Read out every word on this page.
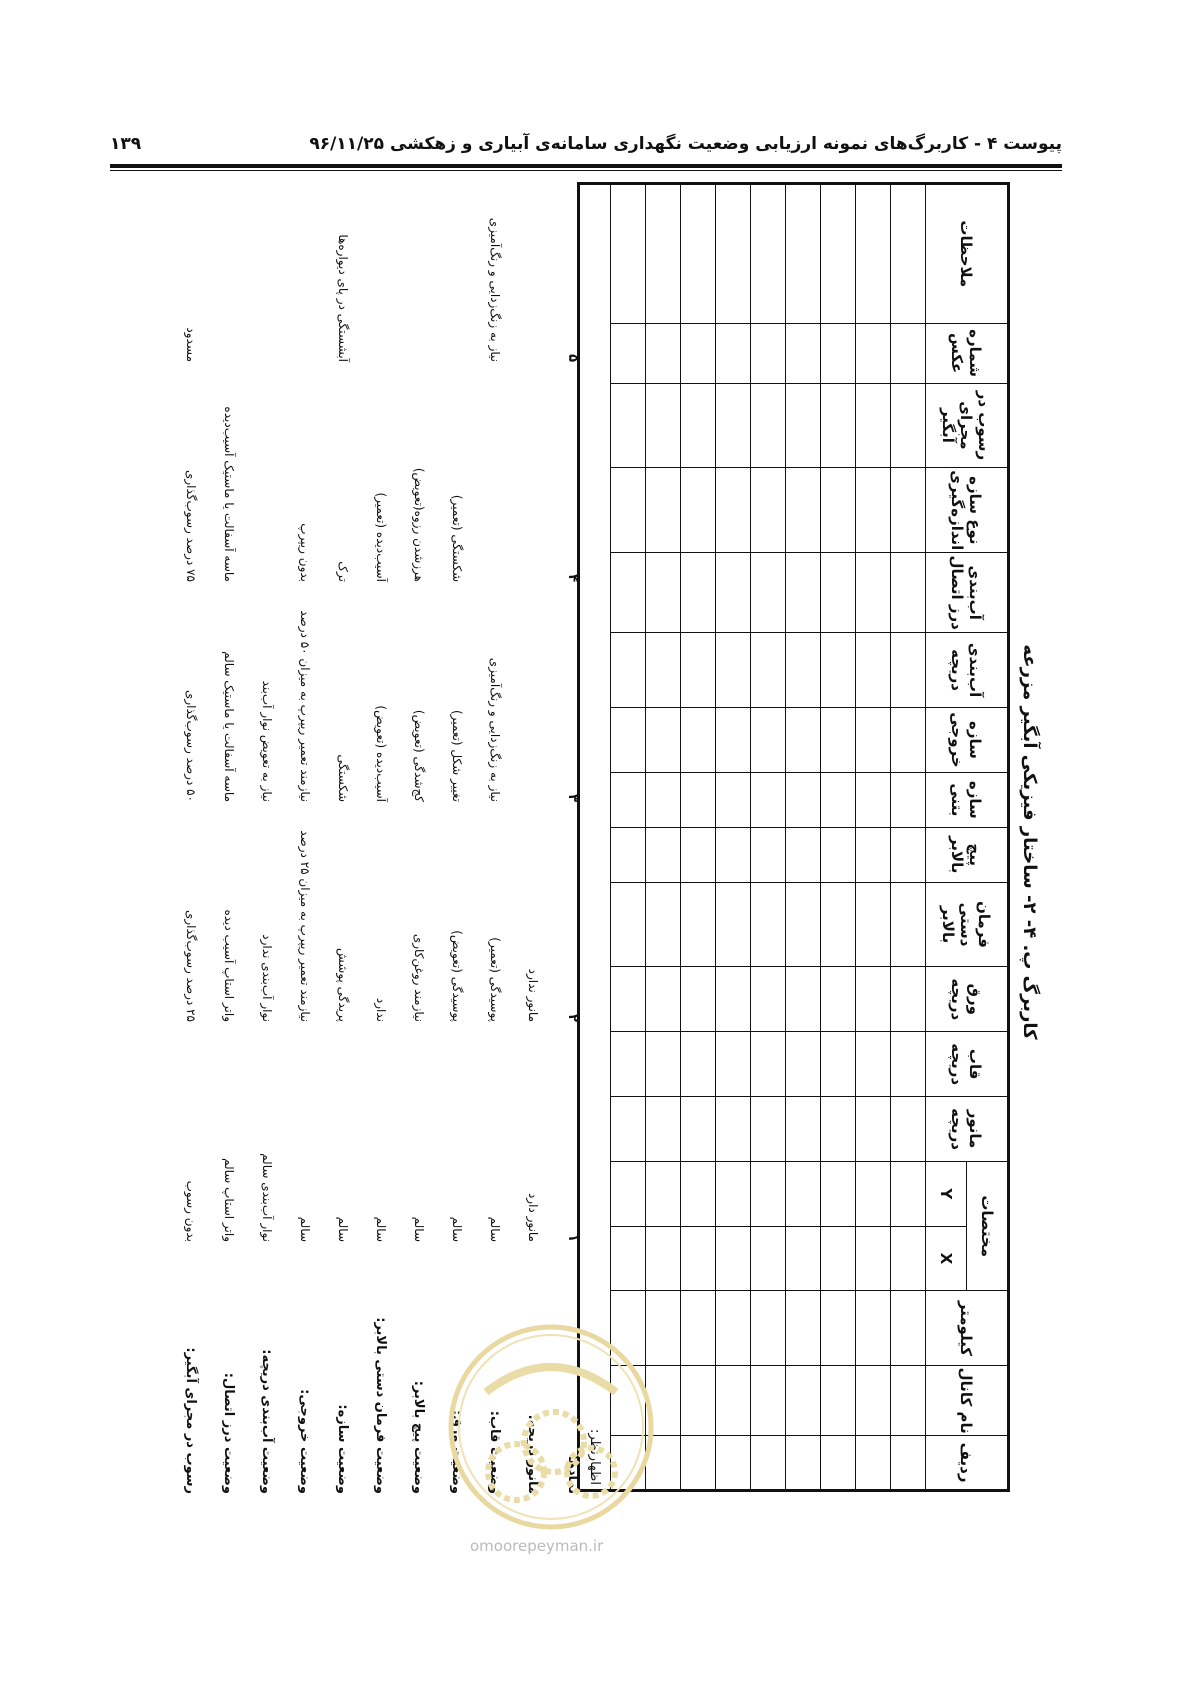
پیوست ۴ - کاربرگ‌های نمونه ارزیابی وضعیت نگهداری سامانه‌ی آبیاری و زهکشی ۹۶/۱۱/۲۵
۱۳۹
کاربرگ پ. ۴- ۲- ساختار فیزیکی آبگیر مزرعه
ردیف	نام کانال	کیلومتر	مختصات		مانور دریچه	قاب دریچه	ورق دریچه	فرمان دستی بالابر	پیچ بالابر	سازه بتنی	سازه خروجی	آب‌بندی دریچه	آب‌بندی درز اتصال	نوع سازه اندازه‌گیری	رسوب در مجرای آبگیر	شماره عکس	ملاحظات
			X	Y													

اظهارنظر:																	
نمادها
۱
۲
۳
۴
۵
مانور دریچه:
مانور دارد
مانور ندارد
وضعیت قاب:
سالم
پوسیدگی (تعمیر)
نیاز به زنگ‌زدایی و رنگ‌آمیزی
نیاز به زنگ‌زدایی و رنگ‌آمیزی
وضعیت ورق:
سالم
پوسیدگی (تعویض)
تغییر شکل (تعمیر)
شکستگی (تعمیر)
وضعیت پیچ بالابر:
سالم
نیازمند روغن‌کاری
کج‌شدگی (تعویض)
هرزشدن رزوه(تعویض)
وضعیت فرمان دستی بالابر:
سالم
ندارد
آسیب‌دیده (تعویض)
آسیب‌دیده (تعمیر)
وضعیت سازه:
سالم
پریدگی پوشش
شکستگی
ترک
آبشستگی در پای دیواره‌ها
وضعیت خروجی:
سالم
نیازمند تعمیر ریپرپ به میزان ۲۵ درصد
نیازمند تعمیر ریپرپ به میزان ۵۰ درصد
بدون ریپرپ
وضعیت آب‌بندی دریچه:
نوار آب‌بندی سالم
نوار آب‌بندی ندارد
نیاز به تعویض نوار آب‌بند
وضعیت درز اتصال:
واتر استاپ سالم
واتر استاپ آسیب دیده
ماسه آسفالت یا ماستیک سالم
ماسه آسفالت یا ماستیک آسیب‌دیده
رسوب در مجرای آبگیر:
بدون رسوب
۲۵ درصد رسوب‌گذاری
۵۰ درصد رسوب‌گذاری
۷۵ درصد رسوب‌گذاری
مسدود
omoorepeyman.ir
